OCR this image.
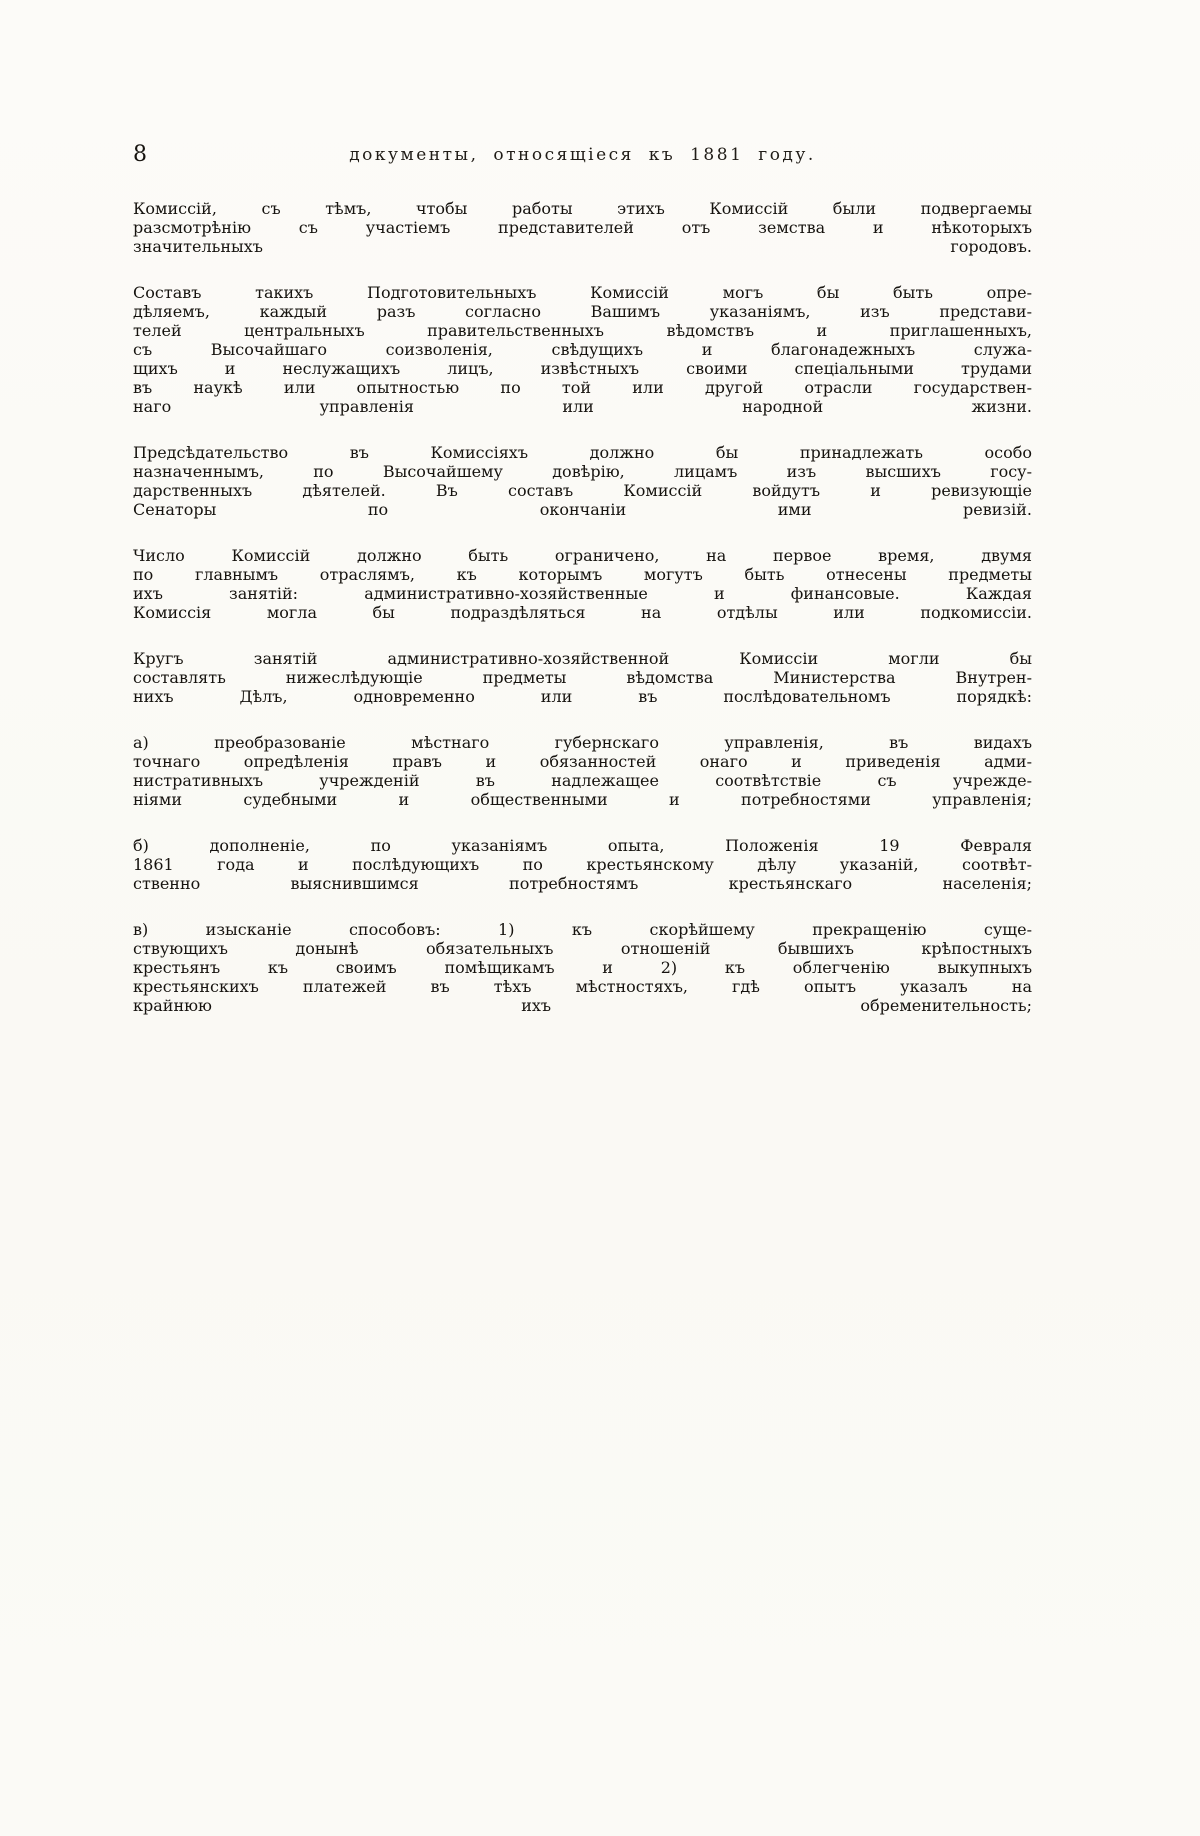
8	документы, относящіеся къ 1881 году.

Комиссій, съ тѣмъ, чтобы работы этихъ Комиссій были подвергаемы
разсмотрѣнію съ участіемъ представителей отъ земства и нѣкоторыхъ
значительныхъ городовъ.

Составъ такихъ Подготовительныхъ Комиссій могъ бы быть опре-
дѣляемъ, каждый разъ согласно Вашимъ указаніямъ, изъ представи-
телей центральныхъ правительственныхъ вѣдомствъ и приглашенныхъ,
съ Высочайшаго соизволенія, свѣдущихъ и благонадежныхъ служа-
щихъ и неслужащихъ лицъ, извѣстныхъ своими спеціальными трудами
въ наукѣ или опытностью по той или другой отрасли государствен-
наго управленія или народной жизни.

Предсѣдательство въ Комиссіяхъ должно бы принадлежать особо
назначеннымъ, по Высочайшему довѣрію, лицамъ изъ высшихъ госу-
дарственныхъ дѣятелей. Въ составъ Комиссій войдутъ и ревизующіе
Сенаторы по окончаніи ими ревизій.

Число Комиссій должно быть ограничено, на первое время, двумя
по главнымъ отраслямъ, къ которымъ могутъ быть отнесены предметы
ихъ занятій: административно-хозяйственные и финансовые. Каждая
Комиссія могла бы подраздѣляться на отдѣлы или подкомиссіи.

Кругъ занятій административно-хозяйственной Комиссіи могли бы
составлять нижеслѣдующіе предметы вѣдомства Министерства Внутрен-
нихъ Дѣлъ, одновременно или въ послѣдовательномъ порядкѣ:

а) преобразованіе мѣстнаго губернскаго управленія, въ видахъ
точнаго опредѣленія правъ и обязанностей онаго и приведенія адми-
нистративныхъ учрежденій въ надлежащее соотвѣтствіе съ учрежде-
ніями судебными и общественными и потребностями управленія;

б) дополненіе, по указаніямъ опыта, Положенія 19 Февраля
1861 года и послѣдующихъ по крестьянскому дѣлу указаній, соотвѣт-
ственно выяснившимся потребностямъ крестьянскаго населенія;

в) изысканіе способовъ: 1) къ скорѣйшему прекращенію суще-
ствующихъ донынѣ обязательныхъ отношеній бывшихъ крѣпостныхъ
крестьянъ къ своимъ помѣщикамъ и 2) къ облегченію выкупныхъ
крестьянскихъ платежей въ тѣхъ мѣстностяхъ, гдѣ опытъ указалъ на
крайнюю ихъ обременительность;
